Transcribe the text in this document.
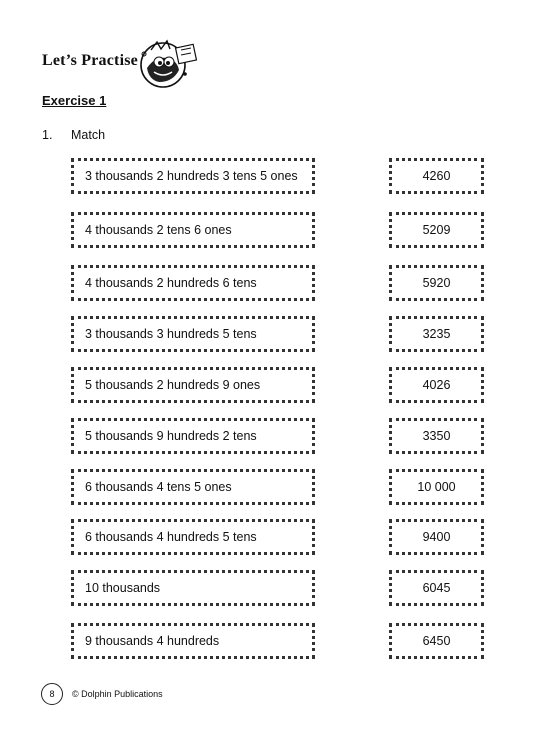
Let’s Practise
Exercise 1
1. Match
3 thousands 2 hundreds 3 tens 5 ones	4260
4 thousands 2 tens 6 ones	5209
4 thousands 2 hundreds 6 tens	5920
3 thousands 3 hundreds 5 tens	3235
5 thousands 2 hundreds 9 ones	4026
5 thousands 9 hundreds 2 tens	3350
6 thousands 4 tens 5 ones	10 000
6 thousands 4 hundreds 5 tens	9400
10 thousands	6045
9 thousands 4 hundreds	6450
8	© Dolphin Publications
